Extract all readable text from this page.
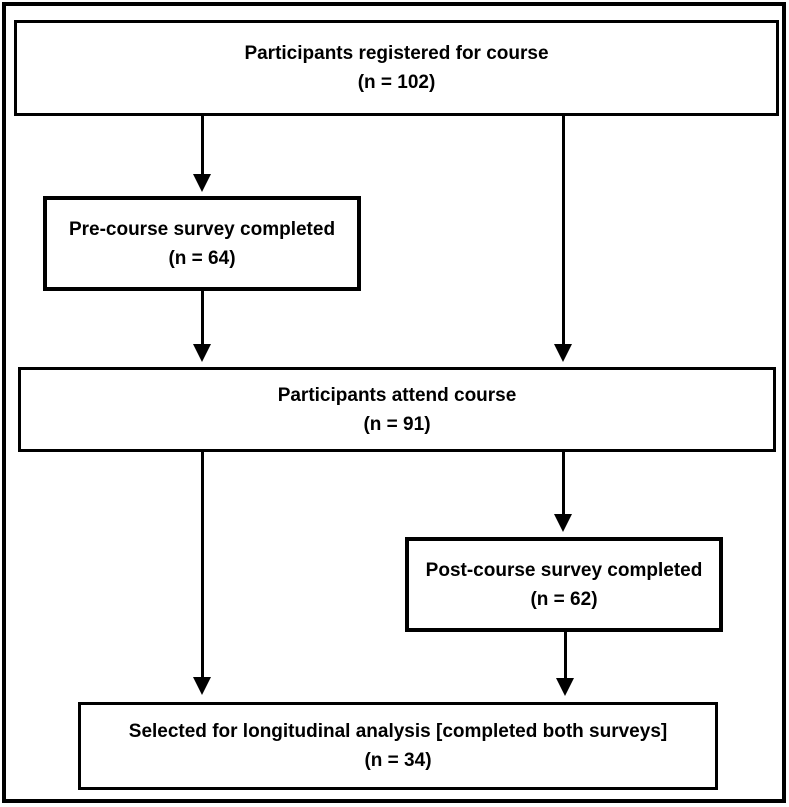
Participants registered for course
(n = 102)
Pre-course survey completed
(n = 64)
Participants attend course
(n = 91)
Post-course survey completed
(n = 62)
Selected for longitudinal analysis [completed both surveys]
(n = 34)
